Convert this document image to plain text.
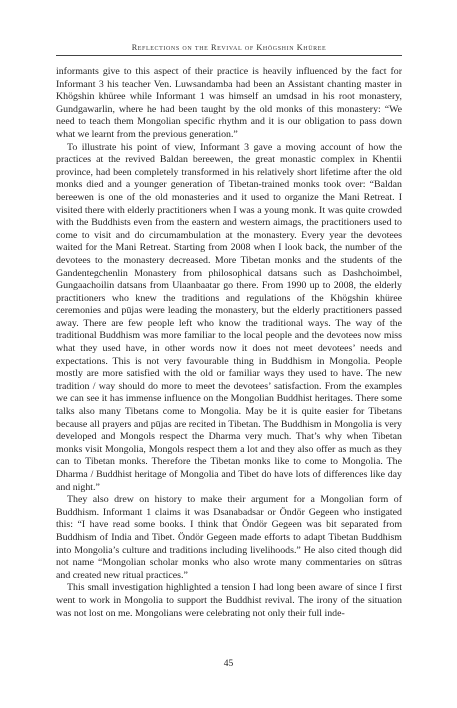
Reflections on the Revival of Khögshin Khüree

informants give to this aspect of their practice is heavily influenced by the fact for Informant 3 his teacher Ven. Luwsandamba had been an Assistant chanting master in Khögshin khüree while Informant 1 was himself an umdsad in his root monastery, Gundgawarlin, where he had been taught by the old monks of this monastery: “We need to teach them Mongolian specific rhythm and it is our obligation to pass down what we learnt from the previous generation.”

To illustrate his point of view, Informant 3 gave a moving account of how the practices at the revived Baldan bereewen, the great monastic complex in Khentii province, had been completely transformed in his relatively short lifetime after the old monks died and a younger generation of Tibetan-trained monks took over: “Baldan bereewen is one of the old monasteries and it used to organize the Mani Retreat. I visited there with elderly practitioners when I was a young monk. It was quite crowded with the Buddhists even from the eastern and western aimags, the practitioners used to come to visit and do circumambulation at the monastery. Every year the devotees waited for the Mani Retreat. Starting from 2008 when I look back, the number of the devotees to the monastery decreased. More Tibetan monks and the students of the Gandentegchenlin Monastery from philosophical datsans such as Dashchoimbel, Gungaachoilin datsans from Ulaanbaatar go there. From 1990 up to 2008, the elderly practitioners who knew the traditions and regulations of the Khögshin khüree ceremonies and pūjas were leading the monastery, but the elderly practitioners passed away. There are few people left who know the traditional ways. The way of the traditional Buddhism was more familiar to the local people and the devotees now miss what they used have, in other words now it does not meet devotees’ needs and expectations. This is not very favourable thing in Buddhism in Mongolia. People mostly are more satisfied with the old or familiar ways they used to have. The new tradition / way should do more to meet the devotees’ satisfaction. From the examples we can see it has immense influence on the Mongolian Buddhist heritages. There some talks also many Tibetans come to Mongolia. May be it is quite easier for Tibetans because all prayers and pūjas are recited in Tibetan. The Buddhism in Mongolia is very developed and Mongols respect the Dharma very much. That’s why when Tibetan monks visit Mongolia, Mongols respect them a lot and they also offer as much as they can to Tibetan monks. Therefore the Tibetan monks like to come to Mongolia. The Dharma / Buddhist heritage of Mongolia and Tibet do have lots of differences like day and night.”

They also drew on history to make their argument for a Mongolian form of Buddhism. Informant 1 claims it was Dsanabadsar or Öndör Gegeen who instigated this: “I have read some books. I think that Öndör Gegeen was bit separated from Buddhism of India and Tibet. Öndör Gegeen made efforts to adapt Tibetan Buddhism into Mongolia’s culture and traditions including livelihoods.” He also cited though did not name “Mongolian scholar monks who also wrote many commentaries on sūtras and created new ritual practices.”

This small investigation highlighted a tension I had long been aware of since I first went to work in Mongolia to support the Buddhist revival. The irony of the situation was not lost on me. Mongolians were celebrating not only their full inde-

45
